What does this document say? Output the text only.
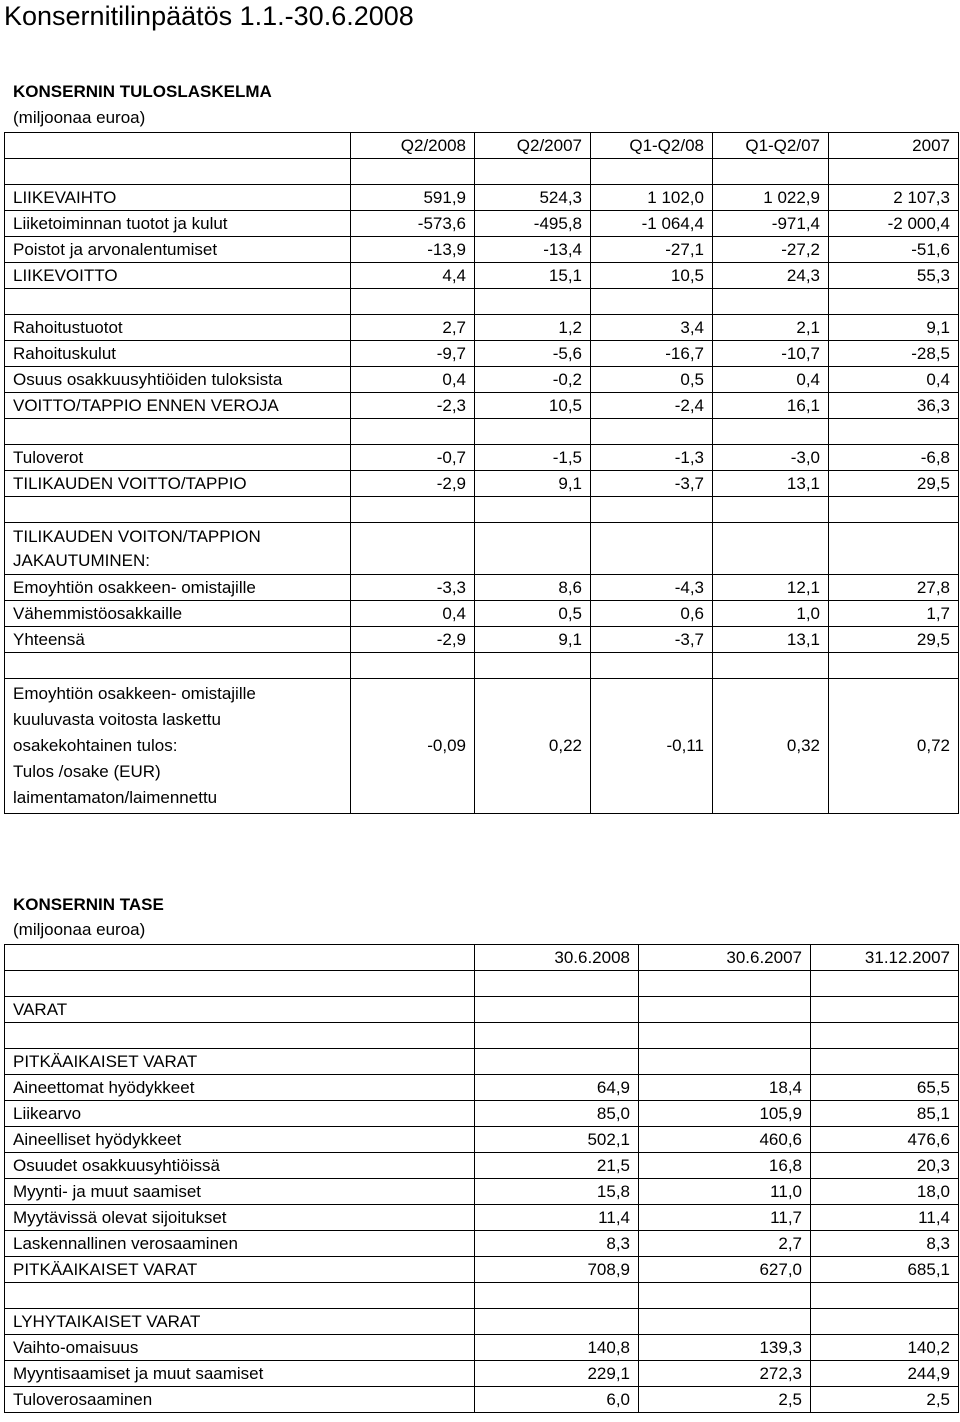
Konsernitilinpäätös 1.1.-30.6.2008
KONSERNIN TULOSLASKELMA
(miljoonaa euroa)
	Q2/2008	Q2/2007	Q1-Q2/08	Q1-Q2/07	2007

LIIKEVAIHTO	591,9	524,3	1 102,0	1 022,9	2 107,3
Liiketoiminnan tuotot ja kulut	-573,6	-495,8	-1 064,4	-971,4	-2 000,4
Poistot ja arvonalentumiset	-13,9	-13,4	-27,1	-27,2	-51,6
LIIKEVOITTO	4,4	15,1	10,5	24,3	55,3

Rahoitustuotot	2,7	1,2	3,4	2,1	9,1
Rahoituskulut	-9,7	-5,6	-16,7	-10,7	-28,5
Osuus osakkuusyhtiöiden tuloksista	0,4	-0,2	0,5	0,4	0,4
VOITTO/TAPPIO ENNEN VEROJA	-2,3	10,5	-2,4	16,1	36,3

Tuloverot	-0,7	-1,5	-1,3	-3,0	-6,8
TILIKAUDEN VOITTO/TAPPIO	-2,9	9,1	-3,7	13,1	29,5

TILIKAUDEN VOITON/TAPPION
JAKAUTUMINEN:					

Emoyhtiön osakkeen- omistajille	-3,3	8,6	-4,3	12,1	27,8
Vähemmistöosakkaille	0,4	0,5	0,6	1,0	1,7
Yhteensä	-2,9	9,1	-3,7	13,1	29,5

Emoyhtiön osakkeen- omistajille
kuuluvasta voitosta laskettu
osakekohtainen tulos:
Tulos /osake (EUR)
laimentamaton/laimennettu	-0,09	0,22	-0,11	0,32	0,72
KONSERNIN TASE
(miljoonaa euroa)
	30.6.2008	30.6.2007	31.12.2007

VARAT			

PITKÄAIKAISET VARAT			
Aineettomat hyödykkeet	64,9	18,4	65,5
Liikearvo	85,0	105,9	85,1
Aineelliset hyödykkeet	502,1	460,6	476,6
Osuudet osakkuusyhtiöissä	21,5	16,8	20,3
Myynti- ja muut saamiset	15,8	11,0	18,0
Myytävissä olevat sijoitukset	11,4	11,7	11,4
Laskennallinen verosaaminen	8,3	2,7	8,3
PITKÄAIKAISET VARAT	708,9	627,0	685,1

LYHYTAIKAISET VARAT			
Vaihto-omaisuus	140,8	139,3	140,2
Myyntisaamiset ja muut saamiset	229,1	272,3	244,9
Tuloverosaaminen	6,0	2,5	2,5
